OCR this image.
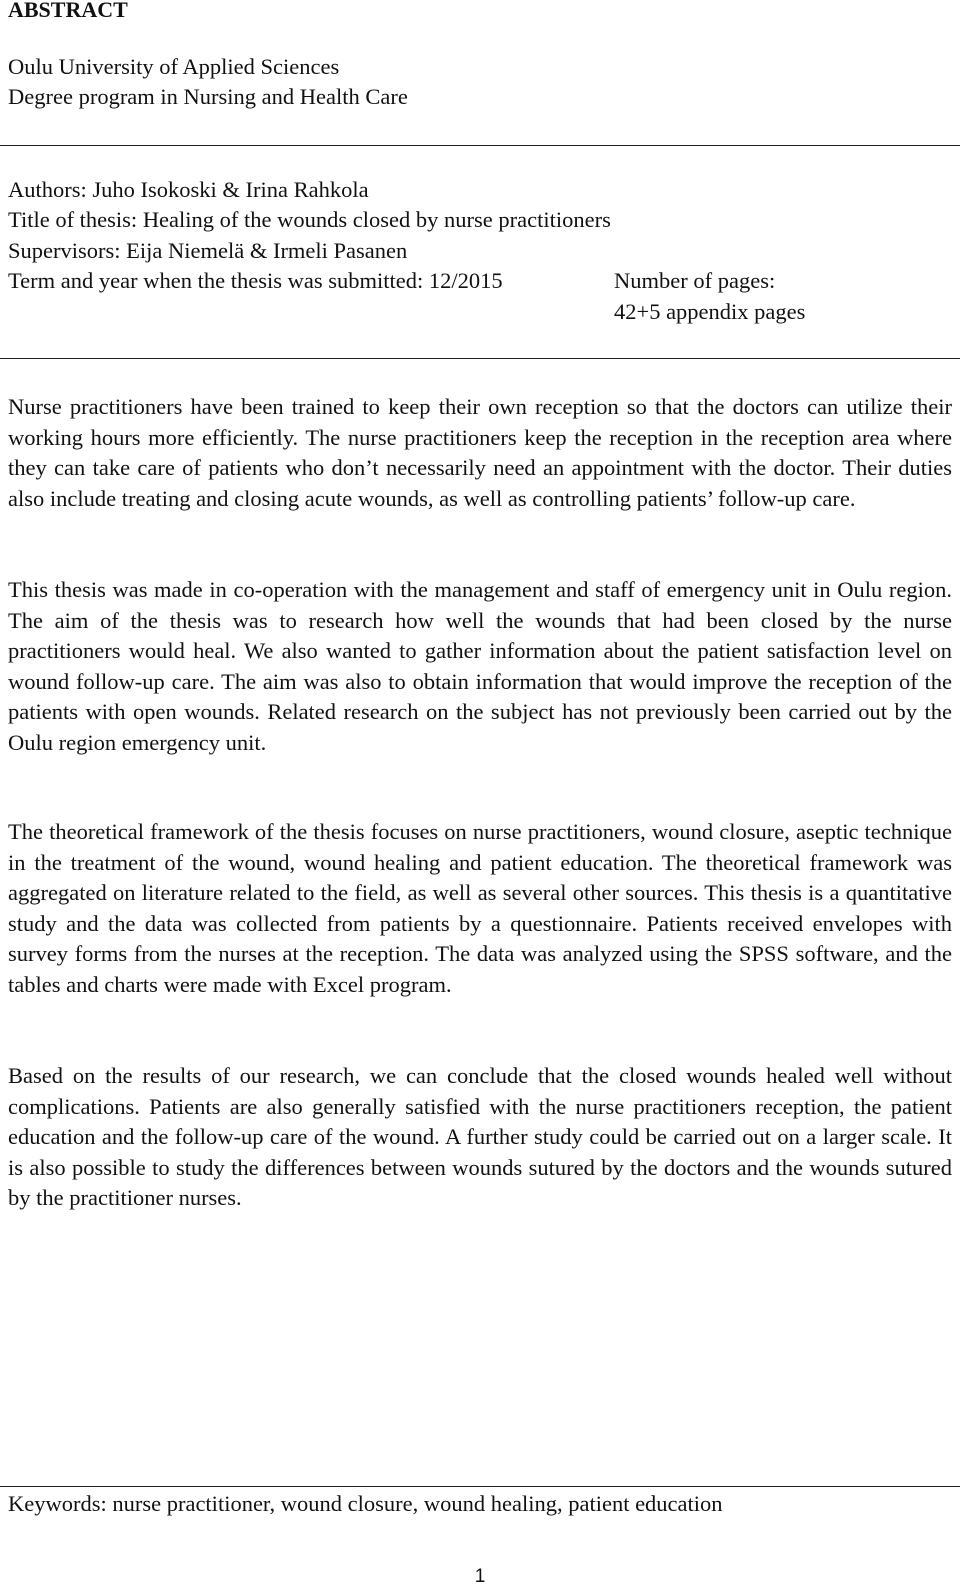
ABSTRACT

Oulu University of Applied Sciences

Degree program in Nursing and Health Care

Authors: Juho Isokoski & Irina Rahkola

Title of thesis: Healing of the wounds closed by nurse practitioners

Supervisors: Eija Niemelä & Irmeli Pasanen

Term and year when the thesis was submitted: 12/2015	Number of pages:

42+5 appendix pages

Nurse practitioners have been trained to keep their own reception so that the doctors can utilize their working hours more efficiently. The nurse practitioners keep the reception in the reception area where they can take care of patients who don’t necessarily need an appointment with the doctor. Their duties also include treating and closing acute wounds, as well as controlling patients’ follow-up care.

This thesis was made in co-operation with the management and staff of emergency unit in Oulu region. The aim of the thesis was to research how well the wounds that had been closed by the nurse practitioners would heal. We also wanted to gather information about the patient satisfaction level on wound follow-up care. The aim was also to obtain information that would improve the reception of the patients with open wounds. Related research on the subject has not previously been carried out by the Oulu region emergency unit.

The theoretical framework of the thesis focuses on nurse practitioners, wound closure, aseptic technique in the treatment of the wound, wound healing and patient education. The theoretical framework was aggregated on literature related to the field, as well as several other sources. This thesis is a quantitative study and the data was collected from patients by a questionnaire. Patients received envelopes with survey forms from the nurses at the reception. The data was analyzed using the SPSS software, and the tables and charts were made with Excel program.

Based on the results of our research, we can conclude that the closed wounds healed well without complications. Patients are also generally satisfied with the nurse practitioners reception, the patient education and the follow-up care of the wound. A further study could be carried out on a larger scale. It is also possible to study the differences between wounds sutured by the doctors and the wounds sutured by the practitioner nurses.

Keywords: nurse practitioner, wound closure, wound healing, patient education

1
